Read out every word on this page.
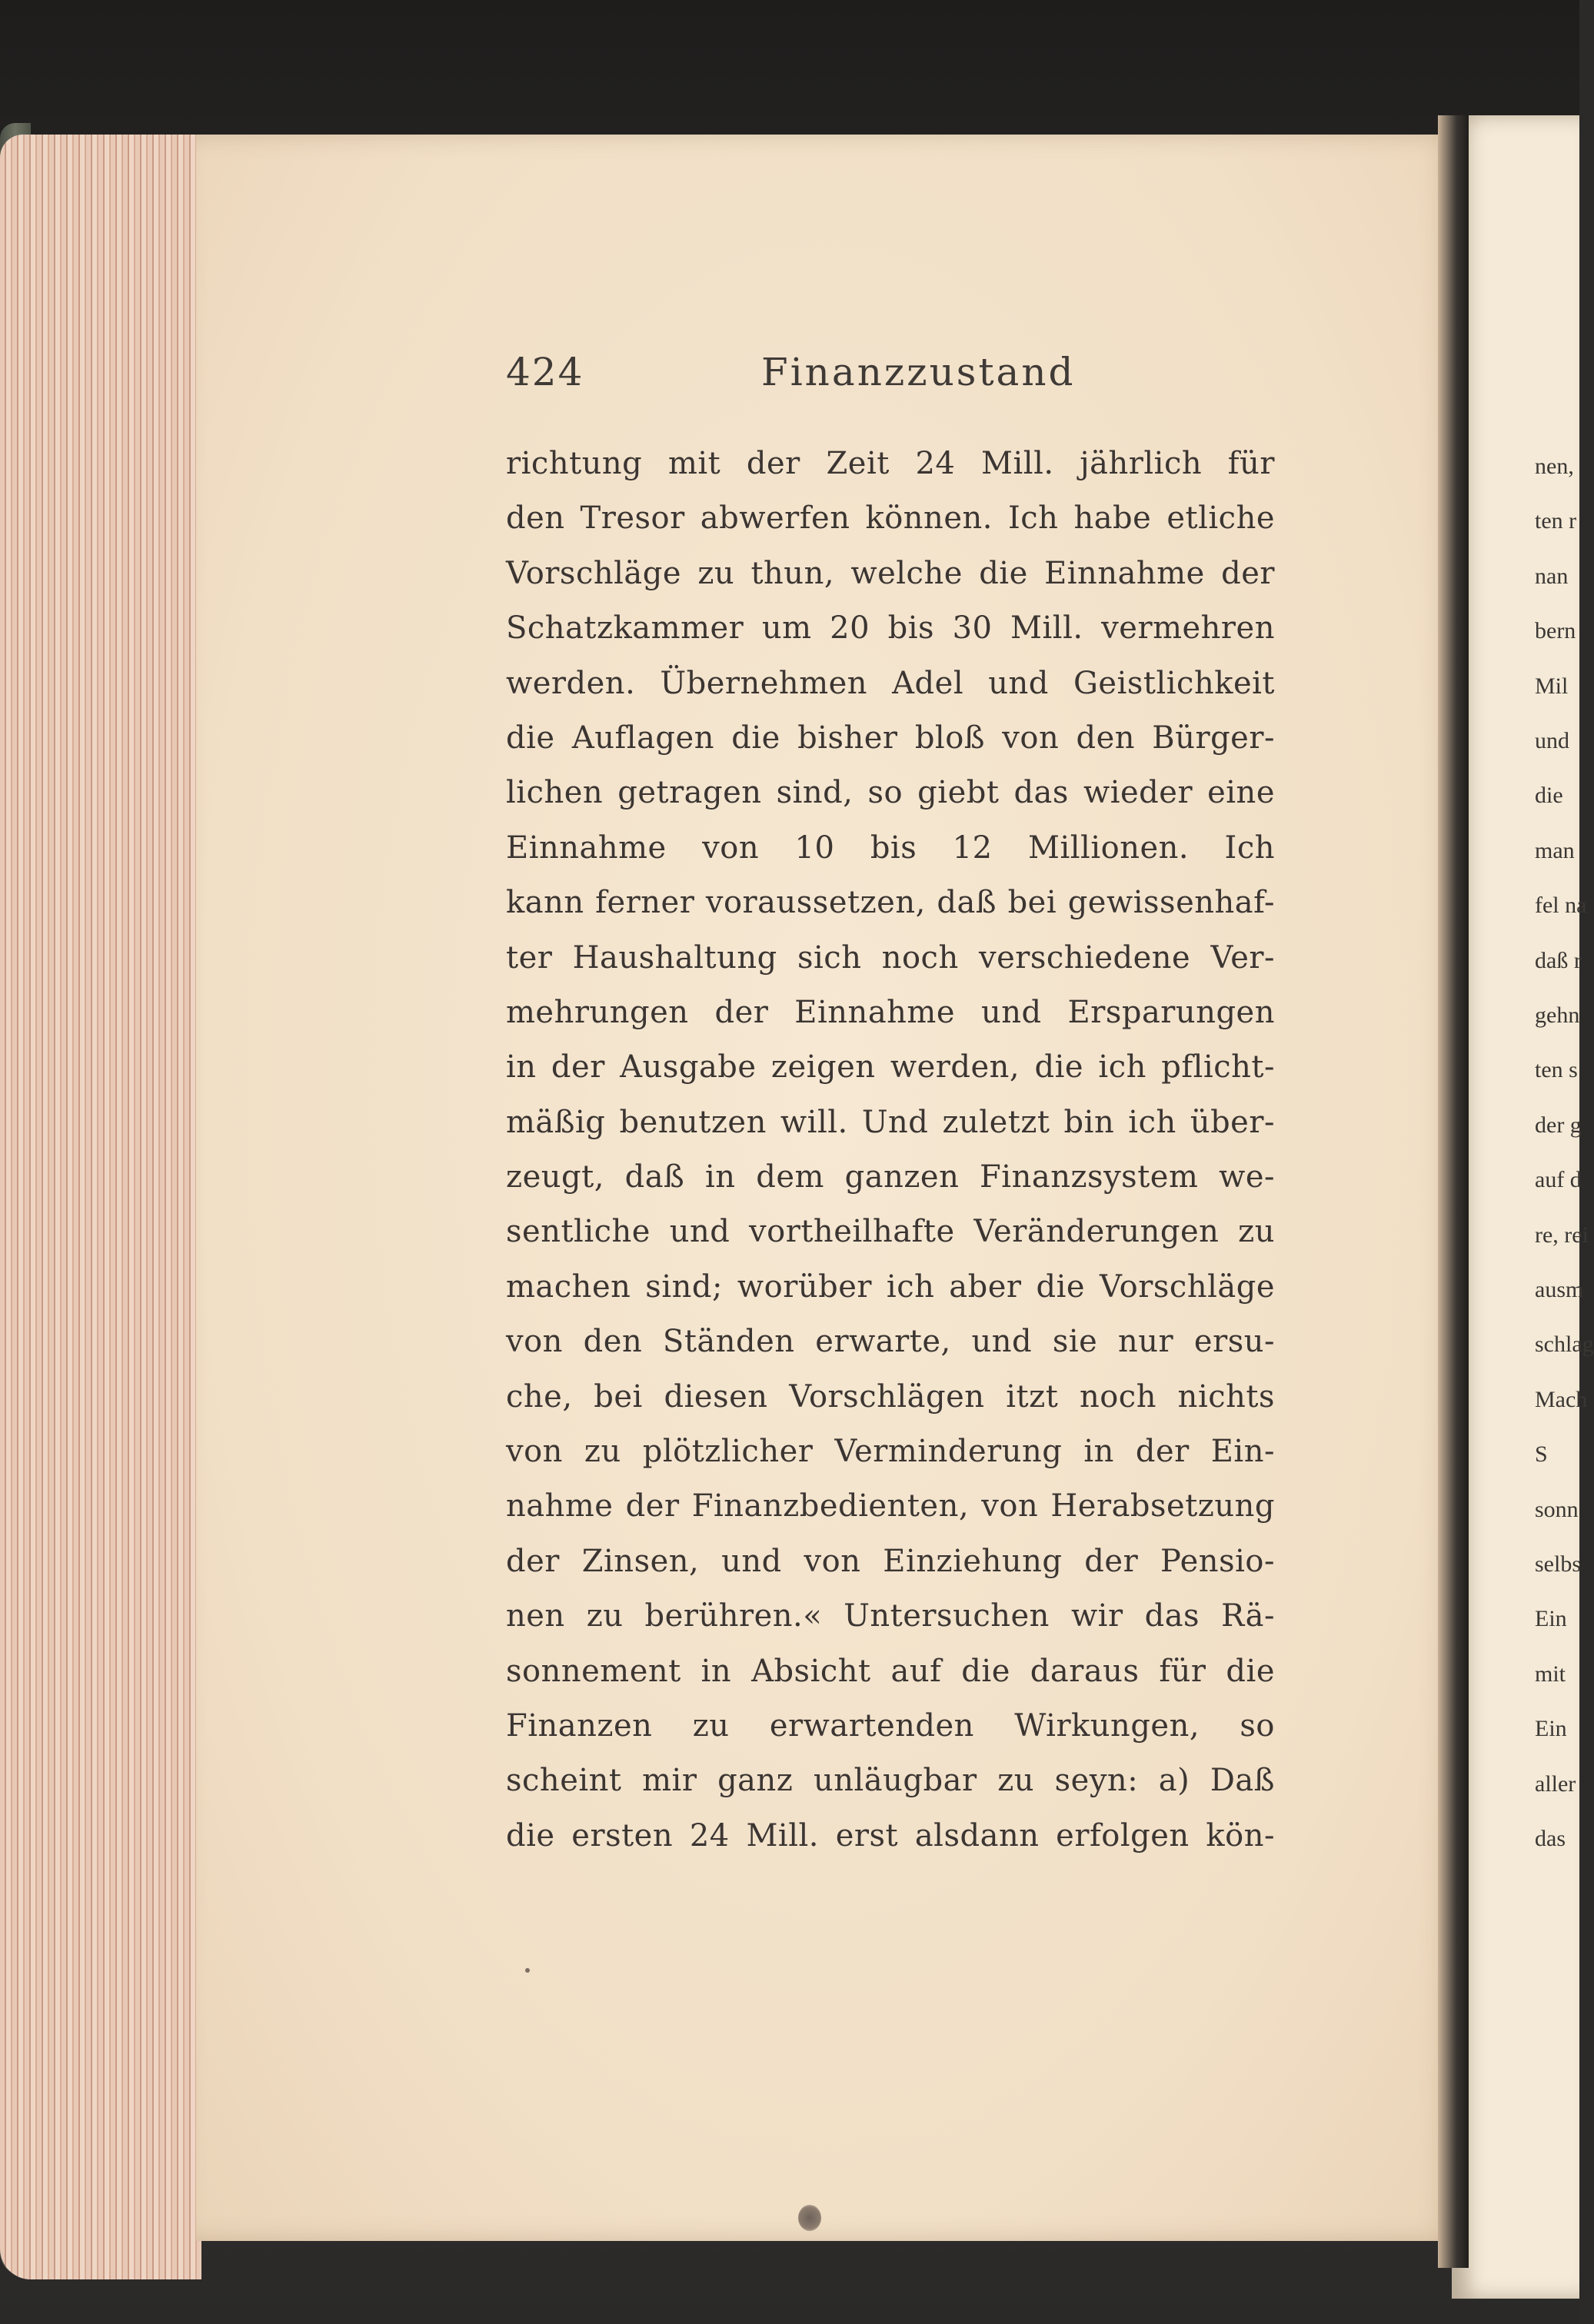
nen,
ten r
nan
bern
Mil
und
die
man
fel na
daß r
gehn
ten s
der g
auf d
re, rei
ausm
schlag
Mach
S
sonn
selbs
Ein
mit
Ein
aller
das
424	Finanzzustand
richtung mit der Zeit 24 Mill. jährlich für
den Tresor abwerfen können. Ich habe etliche
Vorschläge zu thun, welche die Einnahme der
Schatzkammer um 20 bis 30 Mill. vermehren
werden. Übernehmen Adel und Geistlichkeit
die Auflagen die bisher bloß von den Bürger-
lichen getragen sind, so giebt das wieder eine
Einnahme von 10 bis 12 Millionen. Ich
kann ferner voraussetzen, daß bei gewissenhaf-
ter Haushaltung sich noch verschiedene Ver-
mehrungen der Einnahme und Ersparungen
in der Ausgabe zeigen werden, die ich pflicht-
mäßig benutzen will. Und zuletzt bin ich über-
zeugt, daß in dem ganzen Finanzsystem we-
sentliche und vortheilhafte Veränderungen zu
machen sind; worüber ich aber die Vorschläge
von den Ständen erwarte, und sie nur ersu-
che, bei diesen Vorschlägen itzt noch nichts
von zu plötzlicher Verminderung in der Ein-
nahme der Finanzbedienten, von Herabsetzung
der Zinsen, und von Einziehung der Pensio-
nen zu berühren.« Untersuchen wir das Rä-
sonnement in Absicht auf die daraus für die
Finanzen zu erwartenden Wirkungen, so
scheint mir ganz unläugbar zu seyn: a) Daß
die ersten 24 Mill. erst alsdann erfolgen kön-
